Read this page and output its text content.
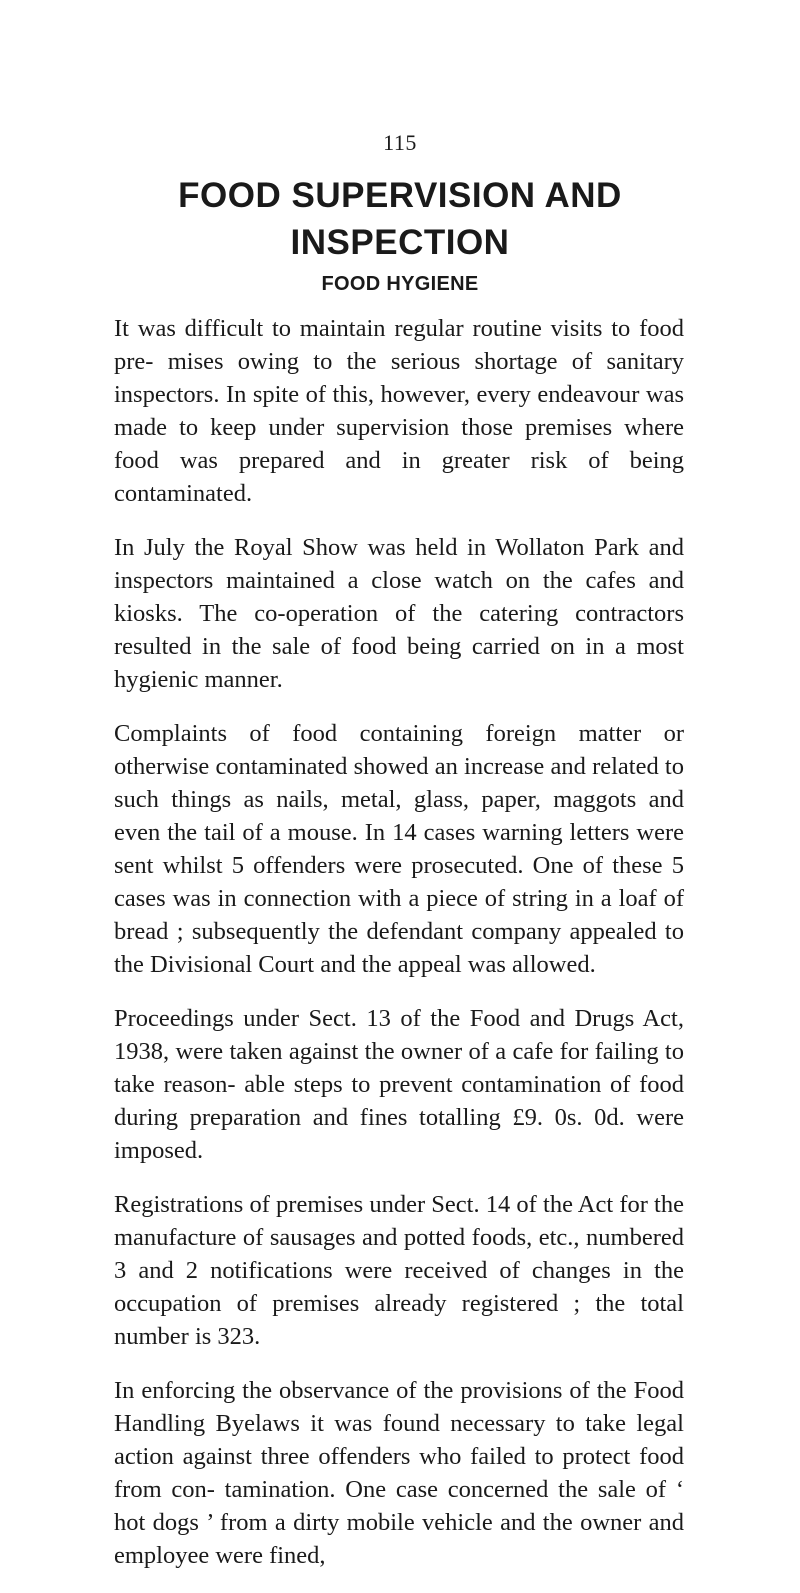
115
FOOD SUPERVISION AND
INSPECTION
FOOD HYGIENE

It was difficult to maintain regular routine visits to food pre- mises owing to the serious shortage of sanitary inspectors. In spite of this, however, every endeavour was made to keep under supervision those premises where food was prepared and in greater risk of being contaminated.

In July the Royal Show was held in Wollaton Park and inspectors maintained a close watch on the cafes and kiosks. The co-operation of the catering contractors resulted in the sale of food being carried on in a most hygienic manner.

Complaints of food containing foreign matter or otherwise contaminated showed an increase and related to such things as nails, metal, glass, paper, maggots and even the tail of a mouse. In 14 cases warning letters were sent whilst 5 offenders were prosecuted. One of these 5 cases was in connection with a piece of string in a loaf of bread ; subsequently the defendant company appealed to the Divisional Court and the appeal was allowed.

Proceedings under Sect. 13 of the Food and Drugs Act, 1938, were taken against the owner of a cafe for failing to take reason- able steps to prevent contamination of food during preparation and fines totalling £9. 0s. 0d. were imposed.

Registrations of premises under Sect. 14 of the Act for the manufacture of sausages and potted foods, etc., numbered 3 and 2 notifications were received of changes in the occupation of premises already registered ; the total number is 323.

In enforcing the observance of the provisions of the Food Handling Byelaws it was found necessary to take legal action against three offenders who failed to protect food from con- tamination. One case concerned the sale of ‘ hot dogs ’ from a dirty mobile vehicle and the owner and employee were fined,
